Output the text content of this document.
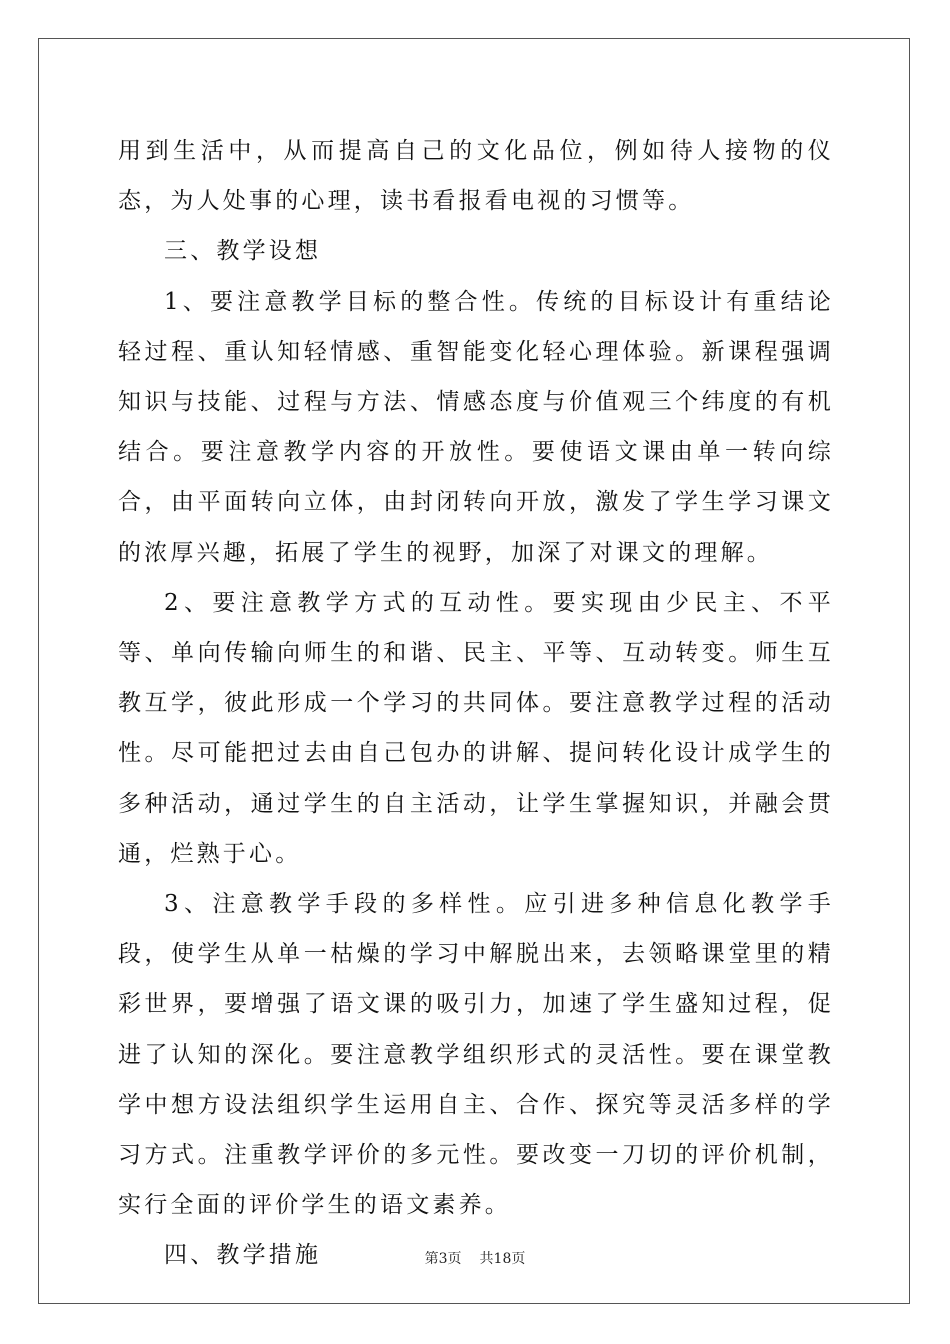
用到生活中，从而提高自己的文化品位，例如待人接物的仪态，为人处事的心理，读书看报看电视的习惯等。

三、教学设想

1、要注意教学目标的整合性。传统的目标设计有重结论轻过程、重认知轻情感、重智能变化轻心理体验。新课程强调知识与技能、过程与方法、情感态度与价值观三个纬度的有机结合。要注意教学内容的开放性。要使语文课由单一转向综合，由平面转向立体，由封闭转向开放，激发了学生学习课文的浓厚兴趣，拓展了学生的视野，加深了对课文的理解。

2、要注意教学方式的互动性。要实现由少民主、不平等、单向传输向师生的和谐、民主、平等、互动转变。师生互教互学，彼此形成一个学习的共同体。要注意教学过程的活动性。尽可能把过去由自己包办的讲解、提问转化设计成学生的多种活动，通过学生的自主活动，让学生掌握知识，并融会贯通，烂熟于心。

3、注意教学手段的多样性。应引进多种信息化教学手段，使学生从单一枯燥的学习中解脱出来，去领略课堂里的精彩世界，要增强了语文课的吸引力，加速了学生盛知过程，促进了认知的深化。要注意教学组织形式的灵活性。要在课堂教学中想方设法组织学生运用自主、合作、探究等灵活多样的学习方式。注重教学评价的多元性。要改变一刀切的评价机制，实行全面的评价学生的语文素养。

四、教学措施	第3页 共18页
